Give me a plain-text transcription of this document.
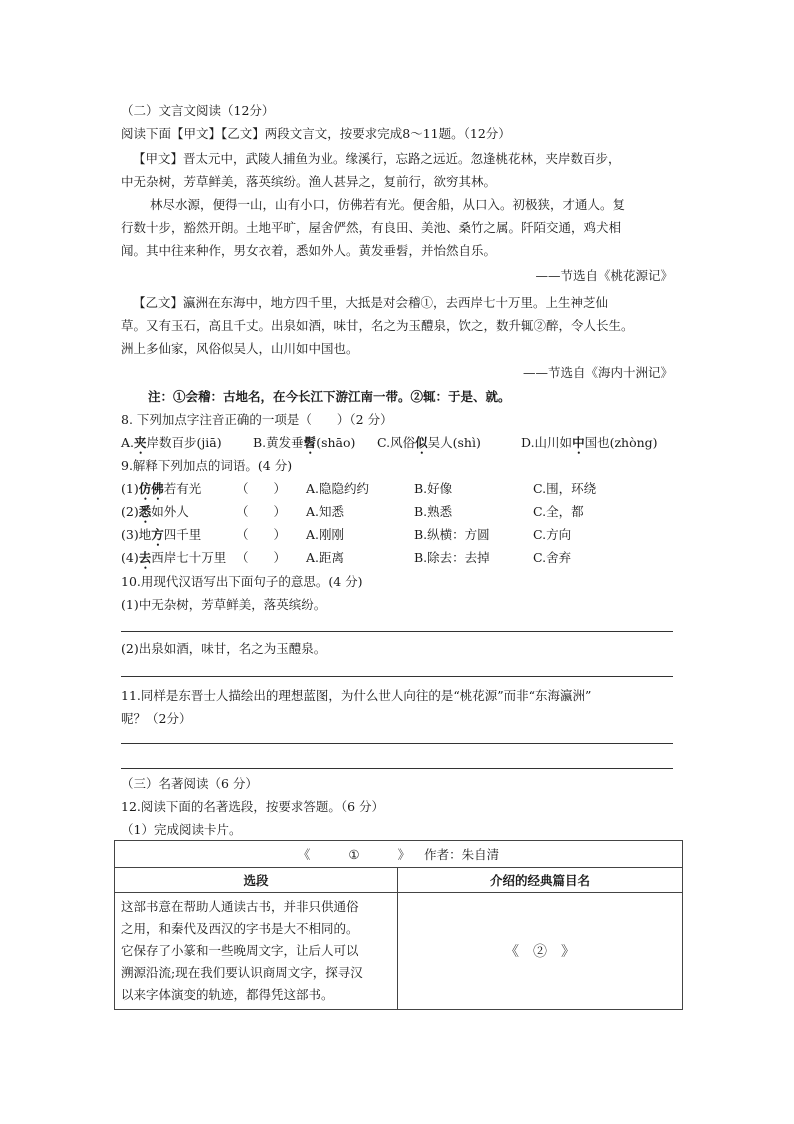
（二）文言文阅读（12分）
阅读下面【甲文】【乙文】两段文言文，按要求完成8～11题。（12分）
【甲文】晋太元中，武陵人捕鱼为业。缘溪行，忘路之远近。忽逢桃花林，夹岸数百步，
中无杂树，芳草鲜美，落英缤纷。渔人甚异之，复前行，欲穷其林。
林尽水源，便得一山，山有小口，仿佛若有光。便舍船，从口入。初极狭，才通人。复
行数十步，豁然开朗。土地平旷，屋舍俨然，有良田、美池、桑竹之属。阡陌交通，鸡犬相
闻。其中往来种作，男女衣着，悉如外人。黄发垂髫，并怡然自乐。
——节选自《桃花源记》
【乙文】瀛洲在东海中，地方四千里，大抵是对会稽①，去西岸七十万里。上生神芝仙
草。又有玉石，高且千丈。出泉如酒，味甘，名之为玉醴泉，饮之，数升辄②醉，令人长生。
洲上多仙家，风俗似吴人，山川如中国也。
——节选自《海内十洲记》
注：①会稽：古地名，在今长江下游江南一带。②辄：于是、就。
8. 下列加点字注音正确的一项是（　　）（2 分）
A.夹岸数百步(jiā)	B.黄发垂髫(shāo) C.风俗似吴人(shì)	D.山川如中国也(zhòng)
9.解释下列加点的词语。(4 分)
(1)仿佛若有光	（　　） A.隐隐约约	B.好像	C.围，环绕
(2)悉如外人	（　　） A.知悉	B.熟悉	C.全，都
(3)地方四千里	（　　） A.刚刚	B.纵横：方圆	C.方向
(4)去西岸七十万里 （　　） A.距离	B.除去：去掉	C.舍弃
10.用现代汉语写出下面句子的意思。(4 分)
(1)中无杂树，芳草鲜美，落英缤纷。
(2)出泉如酒，味甘，名之为玉醴泉。
11.同样是东晋士人描绘出的理想蓝图，为什么世人向往的是“桃花源”而非“东海瀛洲”
呢？（2分）
（三）名著阅读（6 分）
12.阅读下面的名著选段，按要求答题。（6 分）
（1）完成阅读卡片。
《 ① 》 作者：朱自清	
选段	介绍的经典篇目名

这部书意在帮助人通读古书，并非只供通俗
之用，和秦代及西汉的字书是大不相同的。
它保存了小篆和一些晚周文字，让后人可以
溯源沿流;现在我们要认识商周文字，探寻汉
以来字体演变的轨迹，都得凭这部书。	《　②　》
